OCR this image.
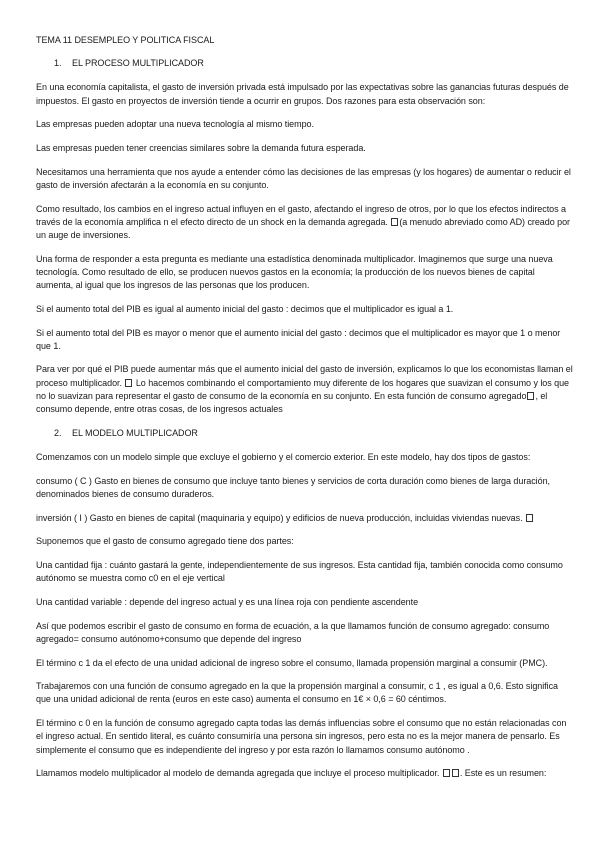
TEMA 11 DESEMPLEO Y POLITICA FISCAL

1. EL PROCESO MULTIPLICADOR

En una economía capitalista, el gasto de inversión privada está impulsado por las expectativas sobre las ganancias futuras después de impuestos. El gasto en proyectos de inversión tiende a ocurrir en grupos. Dos razones para esta observación son:

Las empresas pueden adoptar una nueva tecnología al mismo tiempo.

Las empresas pueden tener creencias similares sobre la demanda futura esperada.

Necesitamos una herramienta que nos ayude a entender cómo las decisiones de las empresas (y los hogares) de aumentar o reducir el gasto de inversión afectarán a la economía en su conjunto.

Como resultado, los cambios en el ingreso actual influyen en el gasto, afectando el ingreso de otros, por lo que los efectos indirectos a través de la economía amplifica n el efecto directo de un shock en la demanda agregada. (a menudo abreviado como AD) creado por un auge de inversiones.

Una forma de responder a esta pregunta es mediante una estadística denominada multiplicador. Imaginemos que surge una nueva tecnología. Como resultado de ello, se producen nuevos gastos en la economía; la producción de los nuevos bienes de capital aumenta, al igual que los ingresos de las personas que los producen.

Si el aumento total del PIB es igual al aumento inicial del gasto : decimos que el multiplicador es igual a 1.

Si el aumento total del PIB es mayor o menor que el aumento inicial del gasto : decimos que el multiplicador es mayor que 1 o menor que 1.

Para ver por qué el PIB puede aumentar más que el aumento inicial del gasto de inversión, explicamos lo que los economistas llaman el proceso multiplicador.  Lo hacemos combinando el comportamiento muy diferente de los hogares que suavizan el consumo y los que no lo suavizan para representar el gasto de consumo de la economía en su conjunto. En esta función de consumo agregado , el consumo depende, entre otras cosas, de los ingresos actuales

2. EL MODELO MULTIPLICADOR

Comenzamos con un modelo simple que excluye el gobierno y el comercio exterior. En este modelo, hay dos tipos de gastos:

consumo ( C ) Gasto en bienes de consumo que incluye tanto bienes y servicios de corta duración como bienes de larga duración, denominados bienes de consumo duraderos.

inversión ( I ) Gasto en bienes de capital (maquinaria y equipo) y edificios de nueva producción, incluidas viviendas nuevas.

Suponemos que el gasto de consumo agregado tiene dos partes:

Una cantidad fija : cuánto gastará la gente, independientemente de sus ingresos. Esta cantidad fija, también conocida como consumo autónomo se muestra como c0 en el eje vertical

Una cantidad variable : depende del ingreso actual y es una línea roja con pendiente ascendente

Así que podemos escribir el gasto de consumo en forma de ecuación, a la que llamamos función de consumo agregado: consumo agregado= consumo autónomo+consumo que depende del ingreso

El término c 1 da el efecto de una unidad adicional de ingreso sobre el consumo, llamada propensión marginal a consumir (PMC).

Trabajaremos con una función de consumo agregado en la que la propensión marginal a consumir, c 1 , es igual a 0,6. Esto significa que una unidad adicional de renta (euros en este caso) aumenta el consumo en 1€ × 0,6 = 60 céntimos.

El término c 0 en la función de consumo agregado capta todas las demás influencias sobre el consumo que no están relacionadas con el ingreso actual. En sentido literal, es cuánto consumiría una persona sin ingresos, pero esta no es la mejor manera de pensarlo. Es simplemente el consumo que es independiente del ingreso y por esta razón lo llamamos consumo autónomo .

Llamamos modelo multiplicador al modelo de demanda agregada que incluye el proceso multiplicador. . Este es un resumen:
